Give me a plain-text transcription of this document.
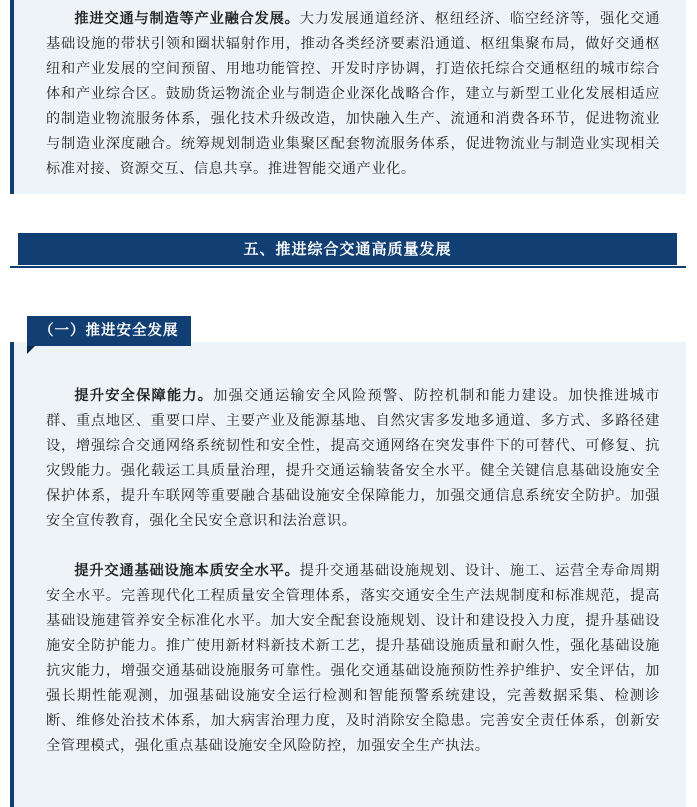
推进交通与制造等产业融合发展。大力发展通道经济、枢纽经济、临空经济等，强化交通基础设施的带状引领和圈状辐射作用，推动各类经济要素沿通道、枢纽集聚布局，做好交通枢纽和产业发展的空间预留、用地功能管控、开发时序协调，打造依托综合交通枢纽的城市综合体和产业综合区。鼓励货运物流企业与制造企业深化战略合作，建立与新型工业化发展相适应的制造业物流服务体系，强化技术升级改造，加快融入生产、流通和消费各环节，促进物流业与制造业深度融合。统筹规划制造业集聚区配套物流服务体系，促进物流业与制造业实现相关标准对接、资源交互、信息共享。推进智能交通产业化。

五、推进综合交通高质量发展
（一）推进安全发展

提升安全保障能力。加强交通运输安全风险预警、防控机制和能力建设。加快推进城市群、重点地区、重要口岸、主要产业及能源基地、自然灾害多发地多通道、多方式、多路径建设，增强综合交通网络系统韧性和安全性，提高交通网络在突发事件下的可替代、可修复、抗灾毁能力。强化载运工具质量治理，提升交通运输装备安全水平。健全关键信息基础设施安全保护体系，提升车联网等重要融合基础设施安全保障能力，加强交通信息系统安全防护。加强安全宣传教育，强化全民安全意识和法治意识。

提升交通基础设施本质安全水平。提升交通基础设施规划、设计、施工、运营全寿命周期安全水平。完善现代化工程质量安全管理体系，落实交通安全生产法规制度和标准规范，提高基础设施建管养安全标准化水平。加大安全配套设施规划、设计和建设投入力度，提升基础设施安全防护能力。推广使用新材料新技术新工艺，提升基础设施质量和耐久性，强化基础设施抗灾能力，增强交通基础设施服务可靠性。强化交通基础设施预防性养护维护、安全评估，加强长期性能观测，加强基础设施安全运行检测和智能预警系统建设，完善数据采集、检测诊断、维修处治技术体系，加大病害治理力度，及时消除安全隐患。完善安全责任体系，创新安全管理模式，强化重点基础设施安全风险防控，加强安全生产执法。
